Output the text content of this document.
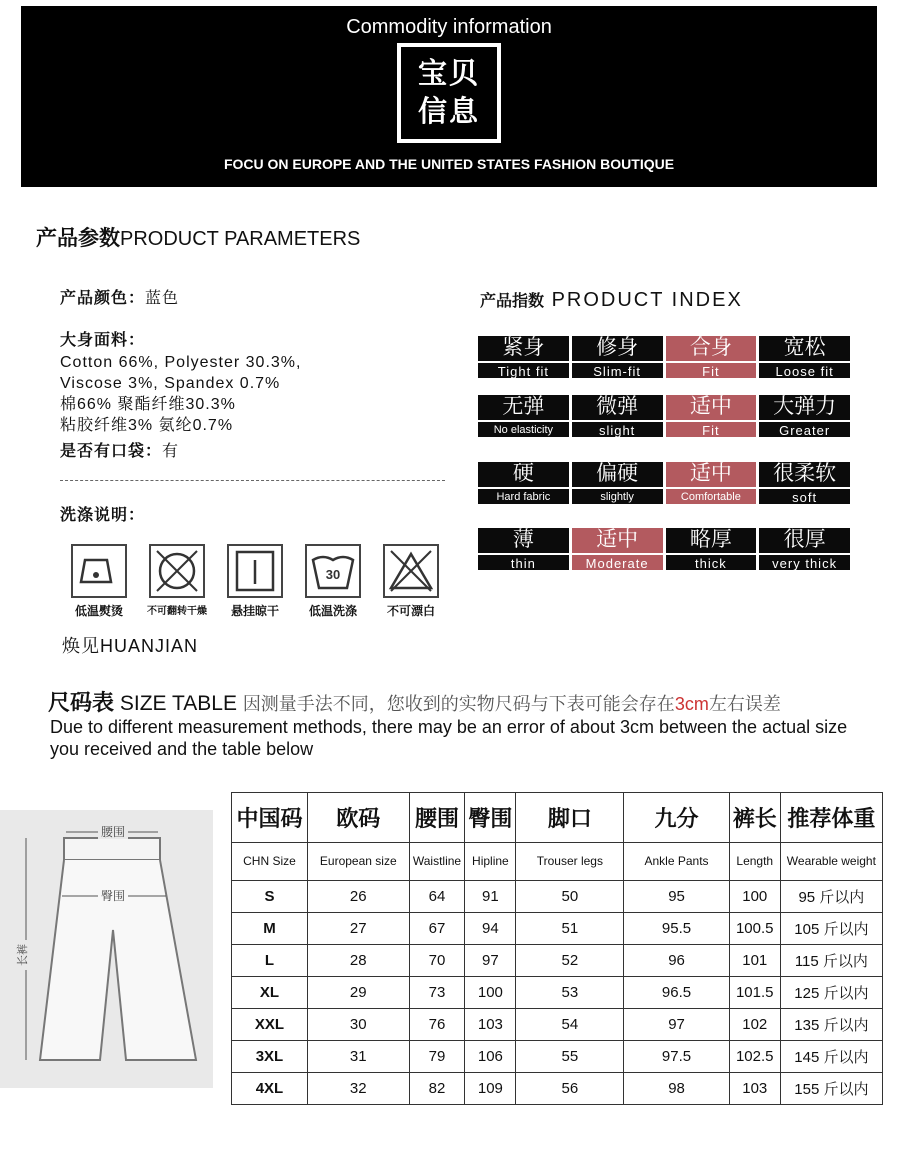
Commodity information
宝贝
信息
FOCU ON EUROPE AND THE UNITED STATES FASHION BOUTIQUE
产品参数PRODUCT PARAMETERS
产品颜色：蓝色
大身面料：
Cotton 66%, Polyester 30.3%,
Viscose 3%, Spandex 0.7%
棉66% 聚酯纤维30.3%
粘胶纤维3% 氨纶0.7%
是否有口袋：有
洗涤说明：
低温熨烫	不可翻转干燥	悬挂晾干
30
低温洗涤	不可漂白
焕见HUANJIAN
产品指数 PRODUCT INDEX
紧身
Tight fit
修身
Slim-fit
合身
Fit
宽松
Loose fit
无弹
No elasticity
微弹
slight
适中
Fit
大弹力
Greater
硬
Hard fabric
偏硬
slightly
适中
Comfortable
很柔软
soft
薄
thin
适中
Moderate
略厚
thick
很厚
very thick
尺码表 SIZE TABLE 因测量手法不同，您收到的实物尺码与下表可能会存在3cm左右误差
Due to different measurement methods, there may be an error of about 3cm between the actual size you received and the table below
腰围
臀围
长裤
中国码	欧码	腰围	臀围	脚口	九分	裤长	推荐体重
CHN Size	European size	Waistline	Hipline	Trouser legs	Ankle Pants	Length	Wearable weight
S	26	64	91	50	95	100	95 斤以内
M	27	67	94	51	95.5	100.5	105 斤以内
L	28	70	97	52	96	101	115 斤以内
XL	29	73	100	53	96.5	101.5	125 斤以内
XXL	30	76	103	54	97	102	135 斤以内
3XL	31	79	106	55	97.5	102.5	145 斤以内
4XL	32	82	109	56	98	103	155 斤以内
